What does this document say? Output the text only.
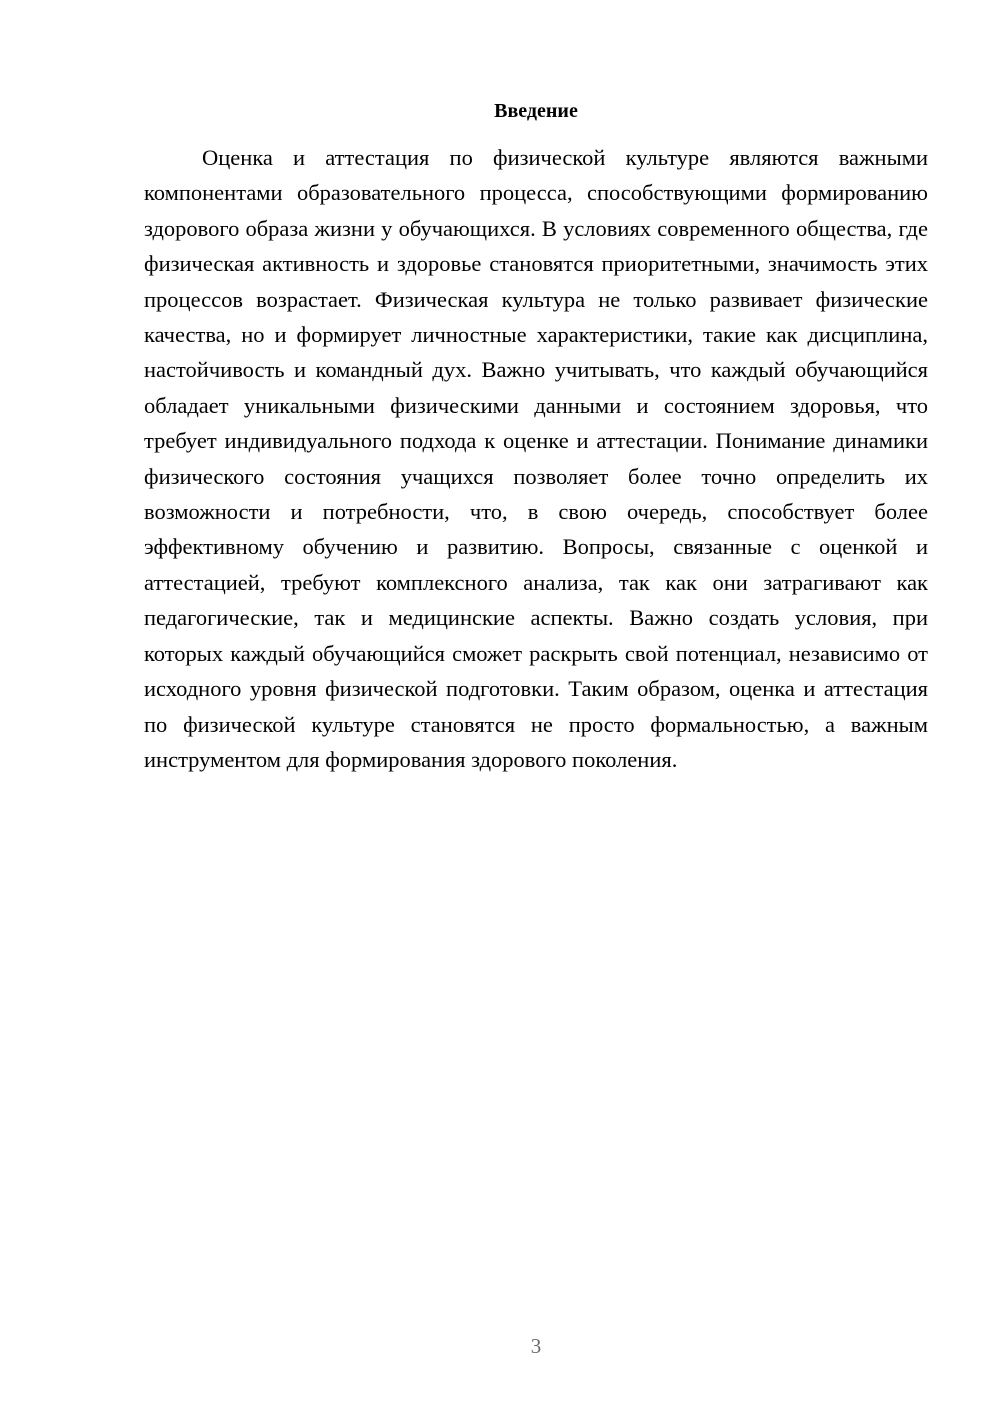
Введение

Оценка и аттестация по физической культуре являются важными компонентами образовательного процесса, способствующими формированию здорового образа жизни у обучающихся. В условиях современного общества, где физическая активность и здоровье становятся приоритетными, значимость этих процессов возрастает. Физическая культура не только развивает физические качества, но и формирует личностные характеристики, такие как дисциплина, настойчивость и командный дух. Важно учитывать, что каждый обучающийся обладает уникальными физическими данными и состоянием здоровья, что требует индивидуального подхода к оценке и аттестации. Понимание динамики физического состояния учащихся позволяет более точно определить их возможности и потребности, что, в свою очередь, способствует более эффективному обучению и развитию. Вопросы, связанные с оценкой и аттестацией, требуют комплексного анализа, так как они затрагивают как педагогические, так и медицинские аспекты. Важно создать условия, при которых каждый обучающийся сможет раскрыть свой потенциал, независимо от исходного уровня физической подготовки. Таким образом, оценка и аттестация по физической культуре становятся не просто формальностью, а важным инструментом для формирования здорового поколения.

3
